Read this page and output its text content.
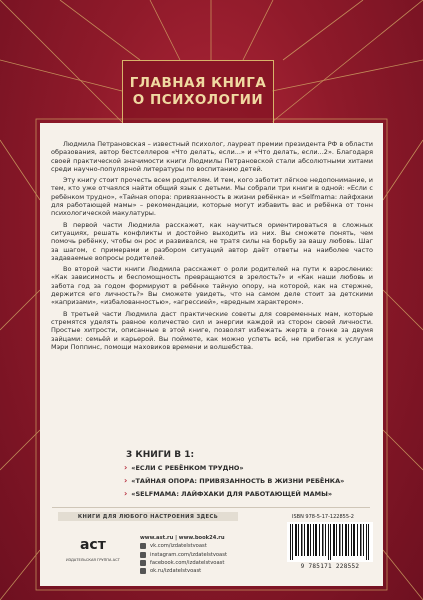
ГЛАВНАЯ КНИГА
О ПСИХОЛОГИИ

Людмила Петрановская – известный психолог, лауреат премии президента РФ в области образования, автор бестселлеров «Что делать, если...» и «Что делать, если...2». Благодаря своей практической значимости книги Людмилы Петрановской стали абсолютными хитами среди научно-популярной литературы по воспитанию детей.

Эту книгу стоит прочесть всем родителям. И тем, кого заботит лёгкое недопонимание, и тем, кто уже отчаялся найти общий язык с детьми. Мы собрали три книги в одной: «Если с ребёнком трудно», «Тайная опора: привязанность в жизни ребёнка» и «Selfmama: лайфхаки для работающей мамы» – рекомендации, которые могут избавить вас и ребёнка от тонн психологической макулатуры.

В первой части Людмила расскажет, как научиться ориентироваться в сложных ситуациях, решать конфликты и достойно выходить из них. Вы сможете понять, чем помочь ребёнку, чтобы он рос и развивался, не тратя силы на борьбу за вашу любовь. Шаг за шагом, с примерами и разбором ситуаций автор даёт ответы на наиболее часто задаваемые вопросы родителей.

Во второй части книги Людмила расскажет о роли родителей на пути к взрослению: «Как зависимость и беспомощность превращаются в зрелость?» и «Как наши любовь и забота год за годом формируют в ребёнке тайную опору, на которой, как на стержне, держится его личность?» Вы сможете увидеть, что на самом деле стоит за детскими «капризами», «избалованностью», «агрессией», «вредным характером».

В третьей части Людмила даст практические советы для современных мам, которые стремятся уделять равное количество сил и энергии каждой из сторон своей личности. Простые хитрости, описанные в этой книге, позволят избежать жертв в гонке за двумя зайцами: семьёй и карьерой. Вы поймете, как можно успеть всё, не прибегая к услугам Мэри Поппинс, помощи маховиков времени и волшебства.

3 КНИГИ В 1:
› «ЕСЛИ С РЕБЁНКОМ ТРУДНО»
› «ТАЙНАЯ ОПОРА: ПРИВЯЗАННОСТЬ В ЖИЗНИ РЕБЁНКА»
› «SELFMAMA: ЛАЙФХАКИ ДЛЯ РАБОТАЮЩЕЙ МАМЫ»
КНИГИ ДЛЯ ЛЮБОГО НАСТРОЕНИЯ ЗДЕСЬ
аст
ИЗДАТЕЛЬСКАЯ ГРУППА АСТ
www.ast.ru | www.book24.ru
vk.com/izdatelstvoast
instagram.com/izdatelstvoast
facebook.com/izdatelstvoast
ok.ru/izdatelstvoast
ISBN 978-5-17-122855-2
9 785171 228552
